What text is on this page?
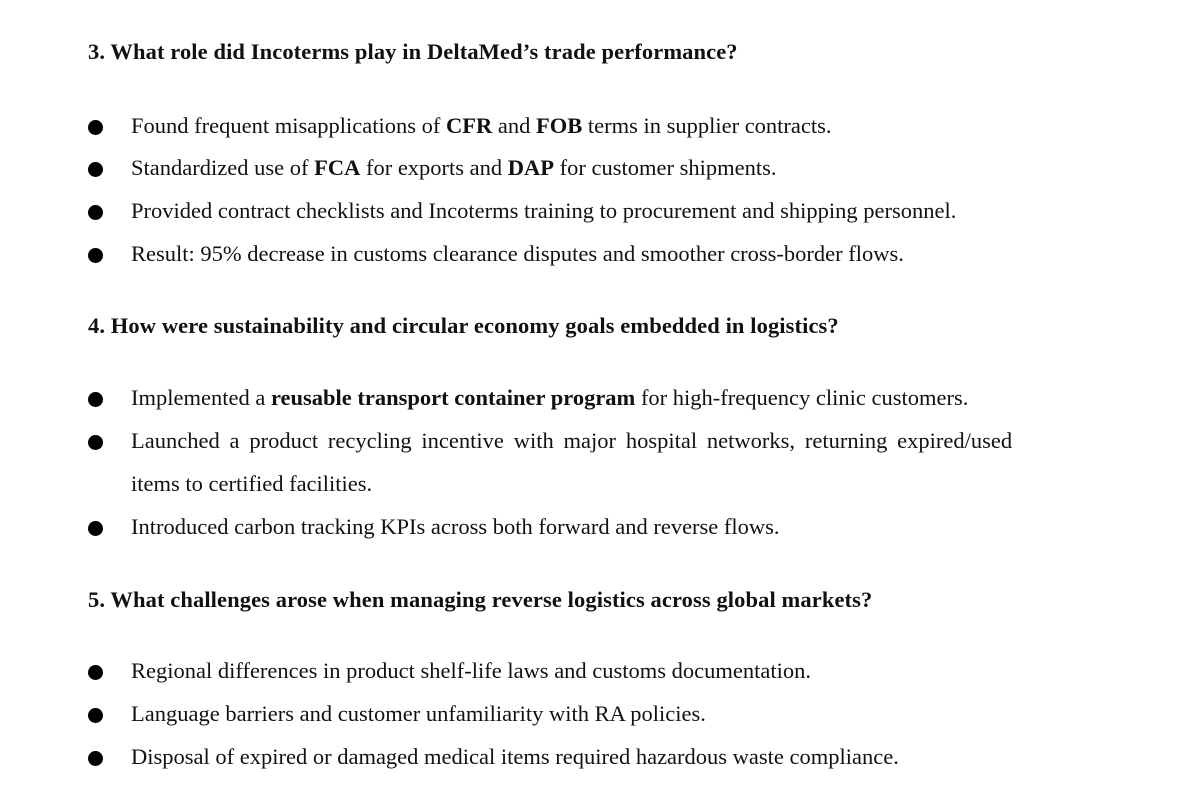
3. What role did Incoterms play in DeltaMed’s trade performance?
Found frequent misapplications of CFR and FOB terms in supplier contracts.
Standardized use of FCA for exports and DAP for customer shipments.
Provided contract checklists and Incoterms training to procurement and shipping personnel.
Result: 95% decrease in customs clearance disputes and smoother cross-border flows.
4. How were sustainability and circular economy goals embedded in logistics?
Implemented a reusable transport container program for high-frequency clinic customers.
Launched a product recycling incentive with major hospital networks, returning expired/used
items to certified facilities.
Introduced carbon tracking KPIs across both forward and reverse flows.
5. What challenges arose when managing reverse logistics across global markets?
Regional differences in product shelf-life laws and customs documentation.
Language barriers and customer unfamiliarity with RA policies.
Disposal of expired or damaged medical items required hazardous waste compliance.
